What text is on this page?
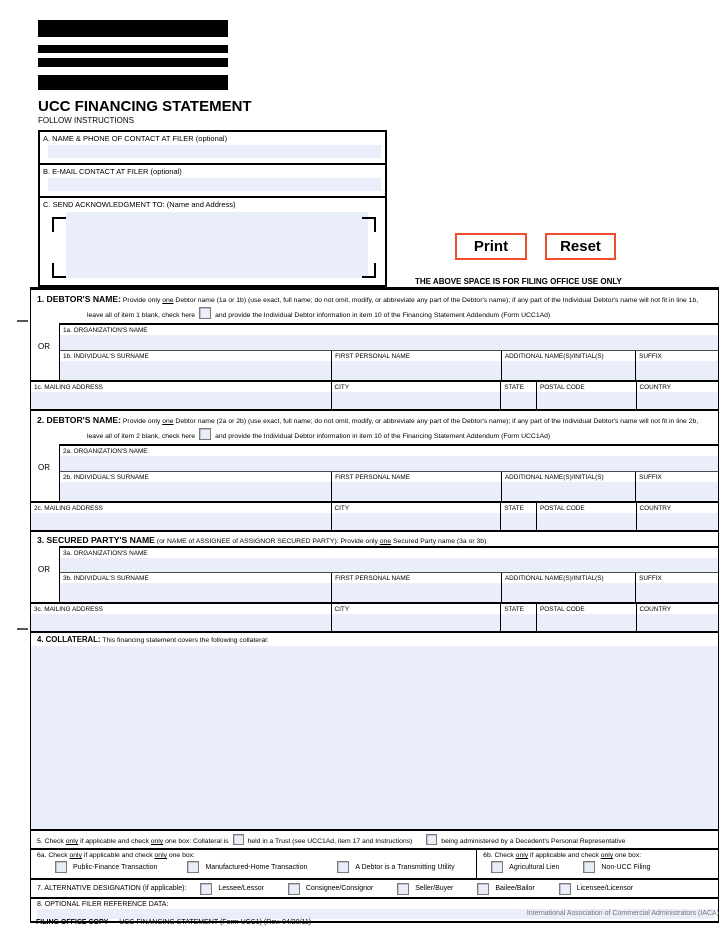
UCC FINANCING STATEMENT
FOLLOW INSTRUCTIONS
A. NAME & PHONE OF CONTACT AT FILER (optional)
B. E-MAIL CONTACT AT FILER (optional)
C. SEND ACKNOWLEDGMENT TO: (Name and Address)
Print	Reset
THE ABOVE SPACE IS FOR FILING OFFICE USE ONLY
1. DEBTOR'S NAME: Provide only one Debtor name (1a or 1b) (use exact, full name; do not omit, modify, or abbreviate any part of the Debtor's name); if any part of the Individual Debtor's name will not fit in line 1b, leave all of item 1 blank, check here	and provide the Individual Debtor information in item 10 of the Financing Statement Addendum (Form UCC1Ad)
OR
1a. ORGANIZATION'S NAME
1b. INDIVIDUAL'S SURNAME	FIRST PERSONAL NAME	ADDITIONAL NAME(S)/INITIAL(S)	SUFFIX
1c. MAILING ADDRESS	CITY	STATE	POSTAL CODE	COUNTRY
2. DEBTOR'S NAME: Provide only one Debtor name (2a or 2b) (use exact, full name; do not omit, modify, or abbreviate any part of the Debtor's name); if any part of the Individual Debtor's name will not fit in line 2b, leave all of item 2 blank, check here	and provide the Individual Debtor information in item 10 of the Financing Statement Addendum (Form UCC1Ad)
OR
2a. ORGANIZATION'S NAME
2b. INDIVIDUAL'S SURNAME	FIRST PERSONAL NAME	ADDITIONAL NAME(S)/INITIAL(S)	SUFFIX
2c. MAILING ADDRESS	CITY	STATE	POSTAL CODE	COUNTRY
3. SECURED PARTY'S NAME (or NAME of ASSIGNEE of ASSIGNOR SECURED PARTY): Provide only one Secured Party name (3a or 3b)
OR
3a. ORGANIZATION'S NAME
3b. INDIVIDUAL'S SURNAME	FIRST PERSONAL NAME	ADDITIONAL NAME(S)/INITIAL(S)	SUFFIX
3c. MAILING ADDRESS	CITY	STATE	POSTAL CODE	COUNTRY
4. COLLATERAL: This financing statement covers the following collateral:
5. Check only if applicable and check only one box: Collateral is	held in a Trust (see UCC1Ad, item 17 and Instructions)	being administered by a Decedent's Personal Representative
6a. Check only if applicable and check only one box:
Public-Finance Transaction	Manufactured-Home Transaction	A Debtor is a Transmitting Utility
6b. Check only if applicable and check only one box:
Agricultural Lien	Non-UCC Filing
7. ALTERNATIVE DESIGNATION (if applicable):	Lessee/Lessor	Consignee/Consignor	Seller/Buyer	Bailee/Bailor	Licensee/Licensor
8. OPTIONAL FILER REFERENCE DATA:
International Association of Commercial Administrators (IACA)
FILING OFFICE COPY — UCC FINANCING STATEMENT (Form UCC1) (Rev. 04/20/11)
